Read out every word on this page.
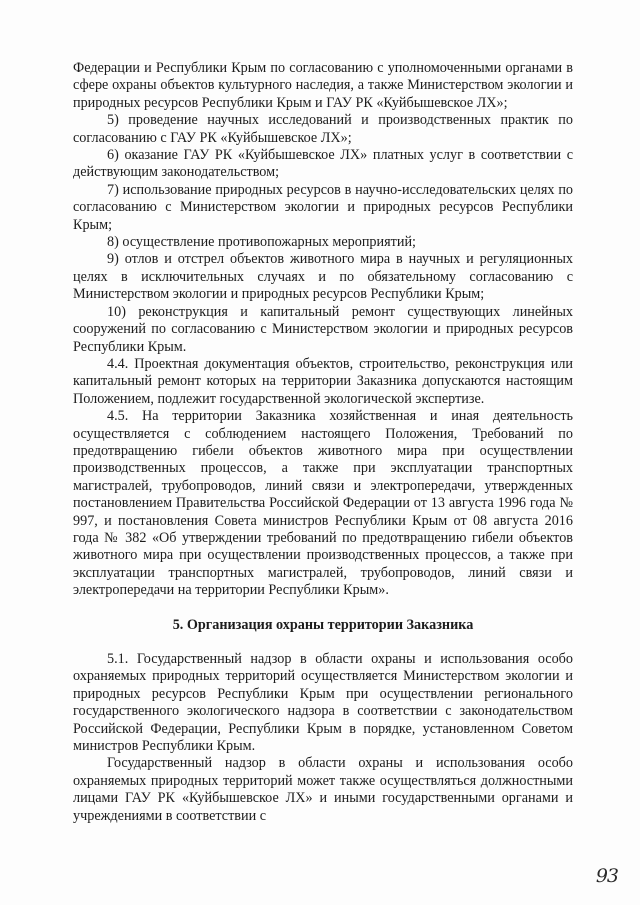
Федерации и Республики Крым по согласованию с уполномоченными органами в сфере охраны объектов культурного наследия, а также Министерством экологии и природных ресурсов Республики Крым и ГАУ РК «Куйбышевское ЛХ»;

5) проведение научных исследований и производственных практик по согласованию с ГАУ РК «Куйбышевское ЛХ»;

6) оказание ГАУ РК «Куйбышевское ЛХ» платных услуг в соответствии с действующим законодательством;

7) использование природных ресурсов в научно-исследовательских целях по согласованию с Министерством экологии и природных ресурсов Республики Крым;

8) осуществление противопожарных мероприятий;

9) отлов и отстрел объектов животного мира в научных и регуляционных целях в исключительных случаях и по обязательному согласованию с Министерством экологии и природных ресурсов Республики Крым;

10) реконструкция и капитальный ремонт существующих линейных сооружений по согласованию с Министерством экологии и природных ресурсов Республики Крым.

4.4. Проектная документация объектов, строительство, реконструкция или капитальный ремонт которых на территории Заказника допускаются настоящим Положением, подлежит государственной экологической экспертизе.

4.5. На территории Заказника хозяйственная и иная деятельность осуществляется с соблюдением настоящего Положения, Требований по предотвращению гибели объектов животного мира при осуществлении производственных процессов, а также при эксплуатации транспортных магистралей, трубопроводов, линий связи и электропередачи, утвержденных постановлением Правительства Российской Федерации от 13 августа 1996 года № 997, и постановления Совета министров Республики Крым от 08 августа 2016 года № 382 «Об утверждении требований по предотвращению гибели объектов животного мира при осуществлении производственных процессов, а также при эксплуатации транспортных магистралей, трубопроводов, линий связи и электропередачи на территории Республики Крым».

5. Организация охраны территории Заказника

5.1. Государственный надзор в области охраны и использования особо охраняемых природных территорий осуществляется Министерством экологии и природных ресурсов Республики Крым при осуществлении регионального государственного экологического надзора в соответствии с законодательством Российской Федерации, Республики Крым в порядке, установленном Советом министров Республики Крым.

Государственный надзор в области охраны и использования особо охраняемых природных территорий может также осуществляться должностными лицами ГАУ РК «Куйбышевское ЛХ» и иными государственными органами и учреждениями в соответствии с

93
